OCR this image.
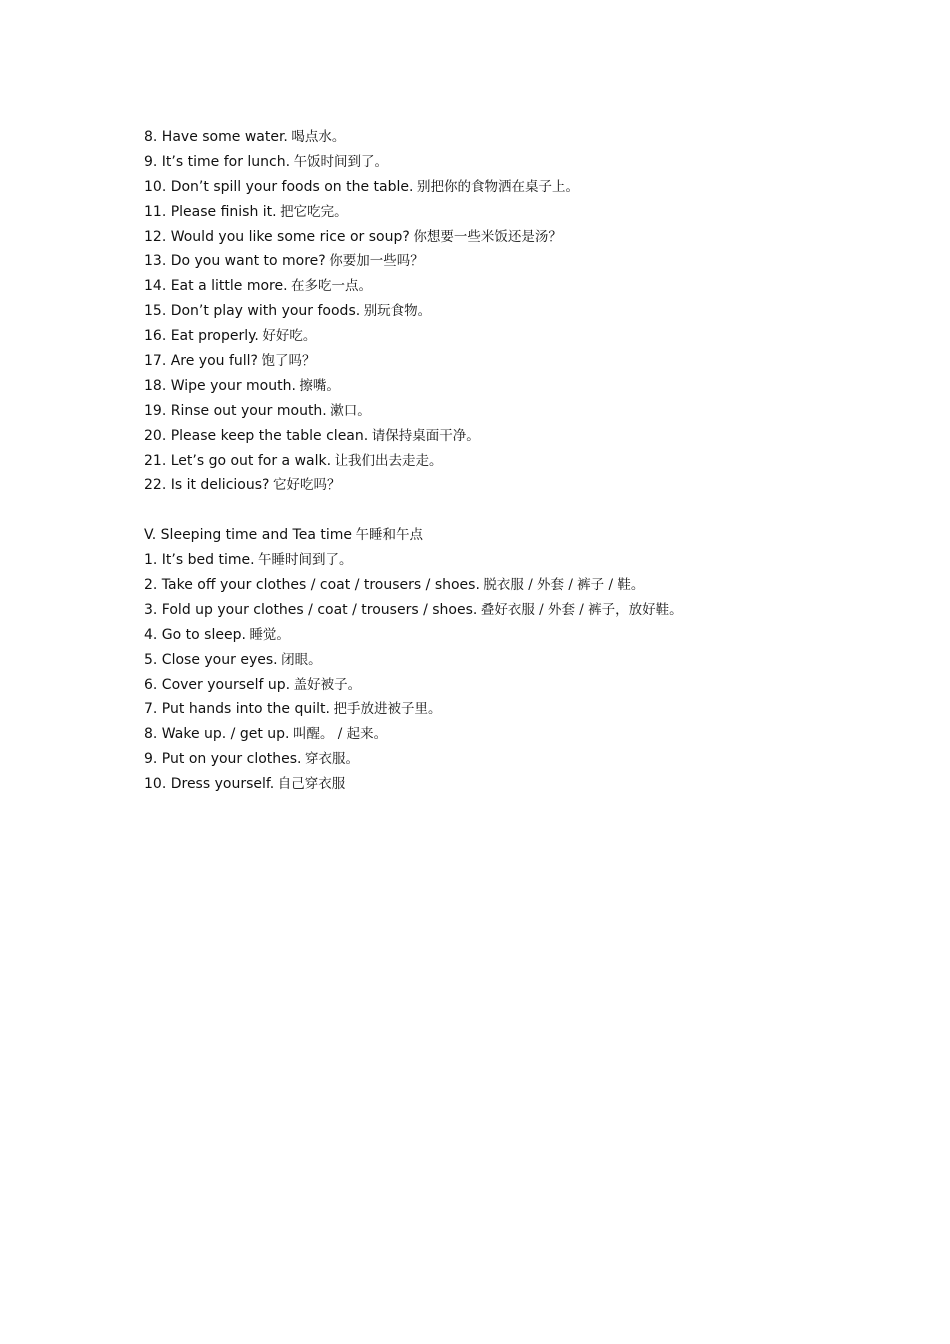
8. Have some water. 喝点水。
9. It’s time for lunch. 午饭时间到了。
10. Don’t spill your foods on the table. 别把你的食物洒在桌子上。
11. Please finish it. 把它吃完。
12. Would you like some rice or soup? 你想要一些米饭还是汤？
13. Do you want to more? 你要加一些吗？
14. Eat a little more. 在多吃一点。
15. Don’t play with your foods. 别玩食物。
16. Eat properly. 好好吃。
17. Are you full? 饱了吗？
18. Wipe your mouth. 擦嘴。
19. Rinse out your mouth. 漱口。
20. Please keep the table clean. 请保持桌面干净。
21. Let’s go out for a walk. 让我们出去走走。
22. Is it delicious? 它好吃吗？
V. Sleeping time and Tea time 午睡和午点
1. It’s bed time. 午睡时间到了。
2. Take off your clothes / coat / trousers / shoes. 脱衣服 / 外套 / 裤子 / 鞋。
3. Fold up your clothes / coat / trousers / shoes. 叠好衣服 / 外套 / 裤子，放好鞋。
4. Go to sleep. 睡觉。
5. Close your eyes. 闭眼。
6. Cover yourself up. 盖好被子。
7. Put hands into the quilt. 把手放进被子里。
8. Wake up. / get up. 叫醒。 / 起来。
9. Put on your clothes. 穿衣服。
10. Dress yourself. 自己穿衣服
